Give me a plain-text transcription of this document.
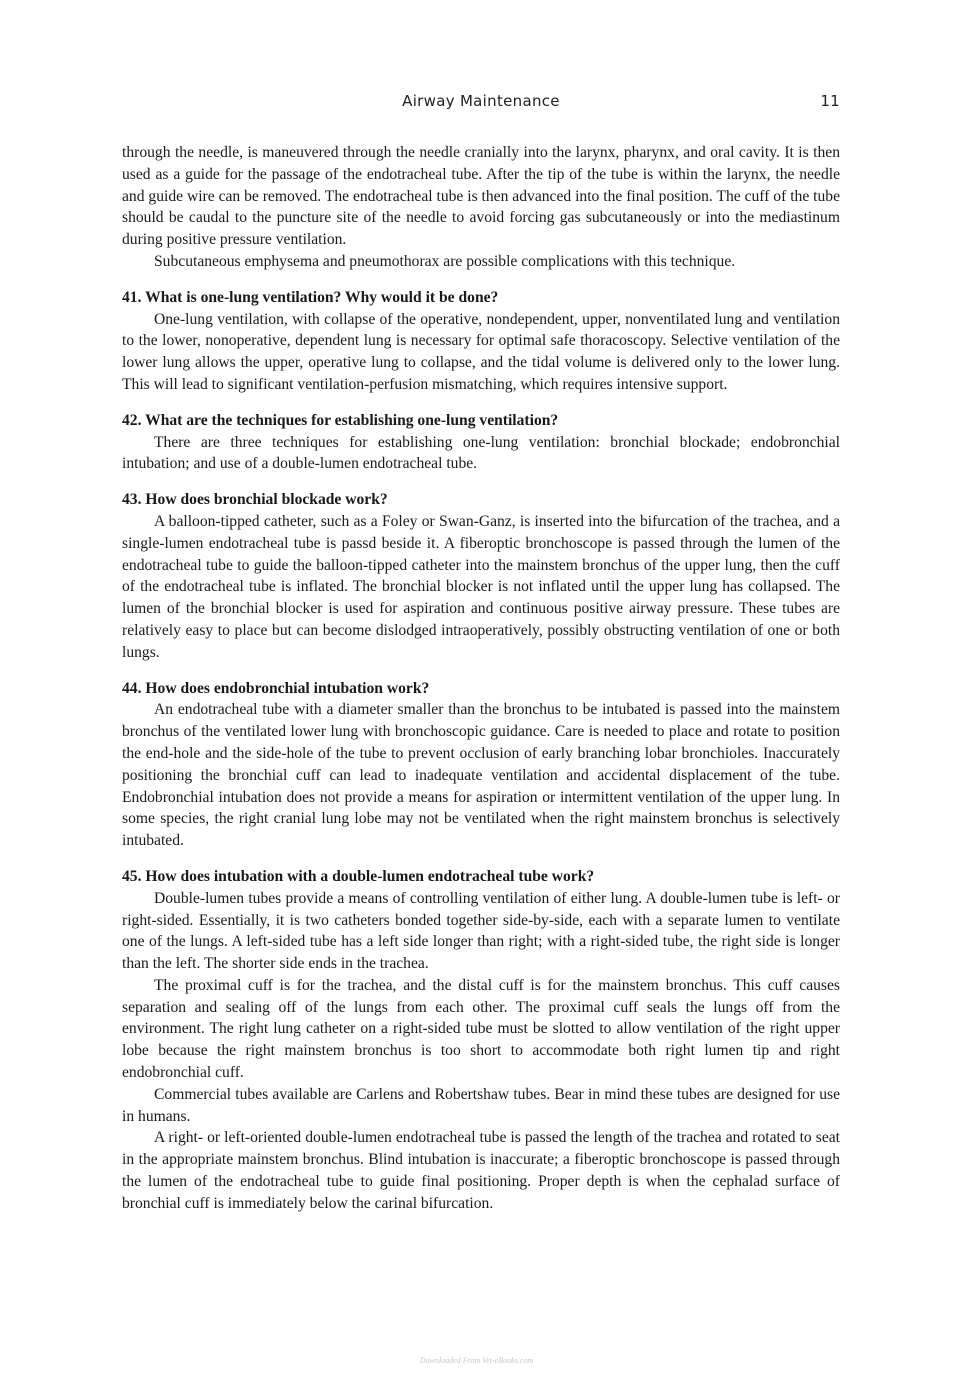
Airway Maintenance	11

through the needle, is maneuvered through the needle cranially into the larynx, pharynx, and oral cavity. It is then used as a guide for the passage of the endotracheal tube. After the tip of the tube is within the larynx, the needle and guide wire can be removed. The endotracheal tube is then advanced into the final position. The cuff of the tube should be caudal to the puncture site of the needle to avoid forcing gas subcutaneously or into the mediastinum during positive pressure ventilation.

Subcutaneous emphysema and pneumothorax are possible complications with this technique.

41. What is one-lung ventilation? Why would it be done?

One-lung ventilation, with collapse of the operative, nondependent, upper, nonventilated lung and ventilation to the lower, nonoperative, dependent lung is necessary for optimal safe thoracoscopy. Selective ventilation of the lower lung allows the upper, operative lung to collapse, and the tidal volume is delivered only to the lower lung. This will lead to significant ventilation-perfusion mismatching, which requires intensive support.

42. What are the techniques for establishing one-lung ventilation?

There are three techniques for establishing one-lung ventilation: bronchial blockade; endobronchial intubation; and use of a double-lumen endotracheal tube.

43. How does bronchial blockade work?

A balloon-tipped catheter, such as a Foley or Swan-Ganz, is inserted into the bifurcation of the trachea, and a single-lumen endotracheal tube is passd beside it. A fiberoptic bronchoscope is passed through the lumen of the endotracheal tube to guide the balloon-tipped catheter into the mainstem bronchus of the upper lung, then the cuff of the endotracheal tube is inflated. The bronchial blocker is not inflated until the upper lung has collapsed. The lumen of the bronchial blocker is used for aspiration and continuous positive airway pressure. These tubes are relatively easy to place but can become dislodged intraoperatively, possibly obstructing ventilation of one or both lungs.

44. How does endobronchial intubation work?

An endotracheal tube with a diameter smaller than the bronchus to be intubated is passed into the mainstem bronchus of the ventilated lower lung with bronchoscopic guidance. Care is needed to place and rotate to position the end-hole and the side-hole of the tube to prevent occlusion of early branching lobar bronchioles. Inaccurately positioning the bronchial cuff can lead to inadequate ventilation and accidental displacement of the tube. Endobronchial intubation does not provide a means for aspiration or intermittent ventilation of the upper lung. In some species, the right cranial lung lobe may not be ventilated when the right mainstem bronchus is selectively intubated.

45. How does intubation with a double-lumen endotracheal tube work?

Double-lumen tubes provide a means of controlling ventilation of either lung. A double-lumen tube is left- or right-sided. Essentially, it is two catheters bonded together side-by-side, each with a separate lumen to ventilate one of the lungs. A left-sided tube has a left side longer than right; with a right-sided tube, the right side is longer than the left. The shorter side ends in the trachea.

The proximal cuff is for the trachea, and the distal cuff is for the mainstem bronchus. This cuff causes separation and sealing off of the lungs from each other. The proximal cuff seals the lungs off from the environment. The right lung catheter on a right-sided tube must be slotted to allow ventilation of the right upper lobe because the right mainstem bronchus is too short to accommodate both right lumen tip and right endobronchial cuff.

Commercial tubes available are Carlens and Robertshaw tubes. Bear in mind these tubes are designed for use in humans.

A right- or left-oriented double-lumen endotracheal tube is passed the length of the trachea and rotated to seat in the appropriate mainstem bronchus. Blind intubation is inaccurate; a fiberoptic bronchoscope is passed through the lumen of the endotracheal tube to guide final positioning. Proper depth is when the cephalad surface of bronchial cuff is immediately below the carinal bifurcation.

Downloaded From Vet-eBooks.com
